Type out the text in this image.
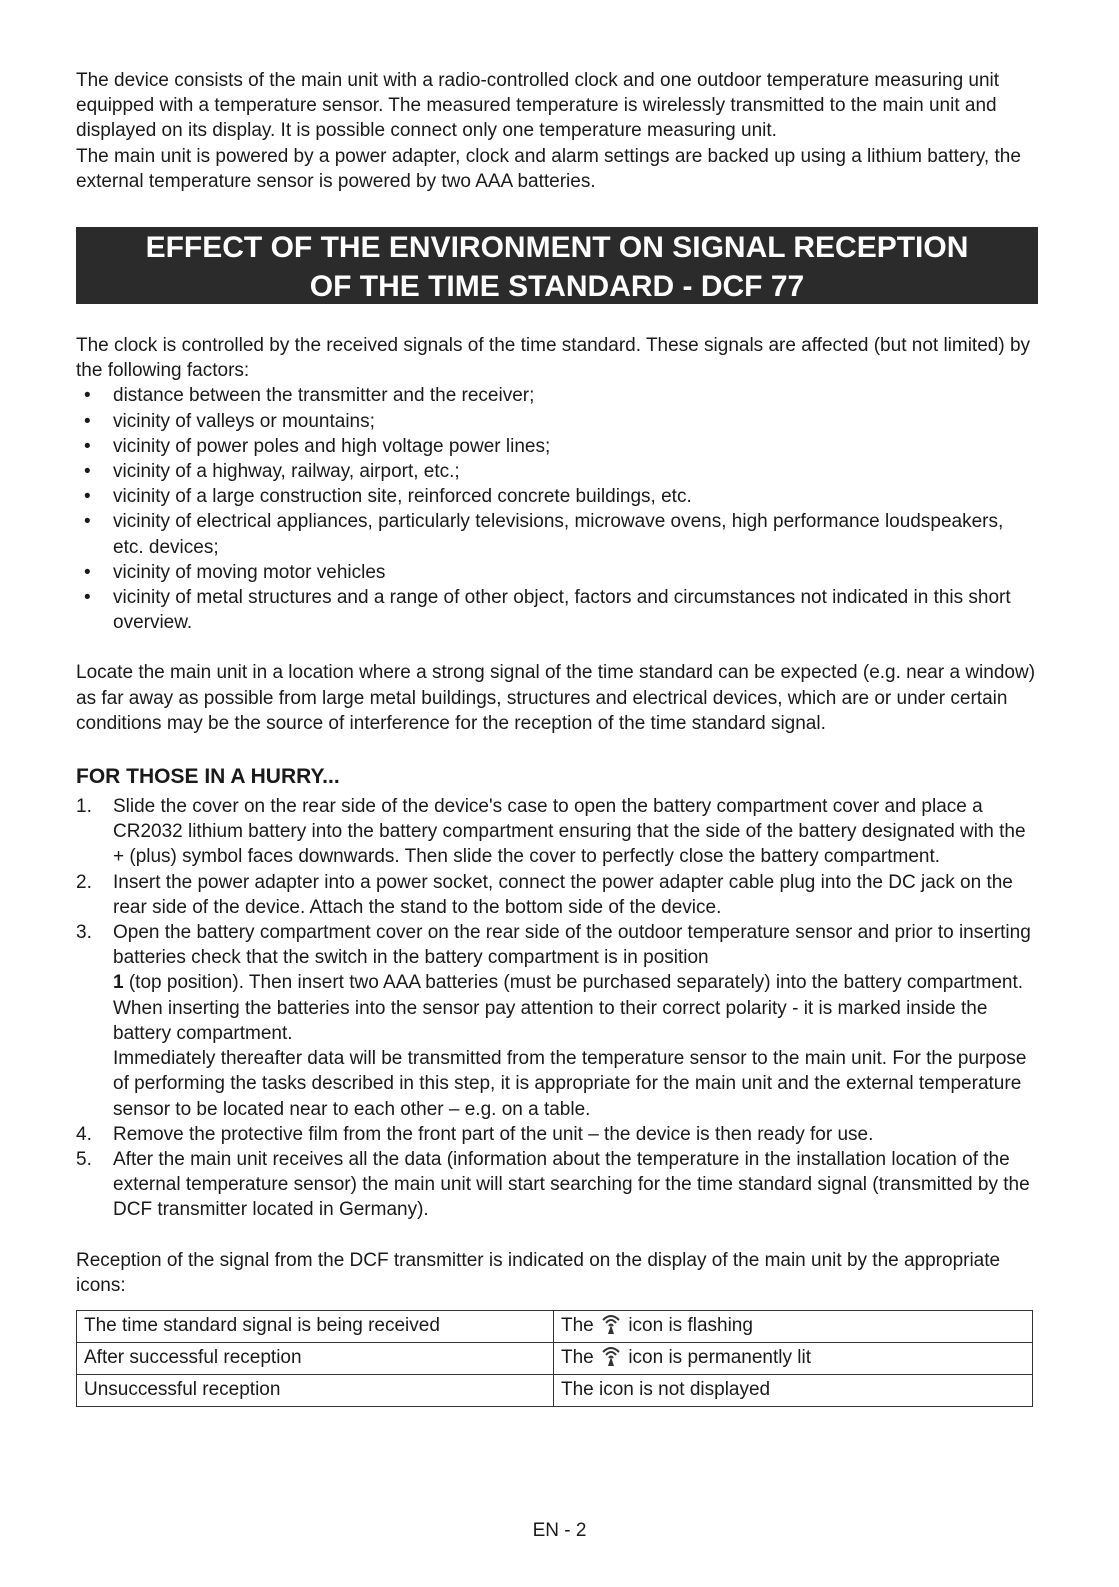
The device consists of the main unit with a radio-controlled clock and one outdoor temperature measuring unit equipped with a temperature sensor. The measured temperature is wirelessly transmitted to the main unit and displayed on its display. It is possible connect only one temperature measuring unit.

The main unit is powered by a power adapter, clock and alarm settings are backed up using a lithium battery, the external temperature sensor is powered by two AAA batteries.

EFFECT OF THE ENVIRONMENT ON SIGNAL RECEPTION
OF THE TIME STANDARD - DCF 77

The clock is controlled by the received signals of the time standard. These signals are affected (but not limited) by the following factors:

• distance between the transmitter and the receiver;
• vicinity of valleys or mountains;
• vicinity of power poles and high voltage power lines;
• vicinity of a highway, railway, airport, etc.;
• vicinity of a large construction site, reinforced concrete buildings, etc.
• vicinity of electrical appliances, particularly televisions, microwave ovens, high performance loudspeakers, etc. devices;
• vicinity of moving motor vehicles
• vicinity of metal structures and a range of other object, factors and circumstances not indicated in this short overview.

Locate the main unit in a location where a strong signal of the time standard can be expected (e.g. near a window) as far away as possible from large metal buildings, structures and electrical devices, which are or under certain conditions may be the source of interference for the reception of the time standard signal.

FOR THOSE IN A HURRY...
1. Slide the cover on the rear side of the device's case to open the battery compartment cover and place a CR2032 lithium battery into the battery compartment ensuring that the side of the battery designated with the + (plus) symbol faces downwards. Then slide the cover to perfectly close the battery compartment.
2. Insert the power adapter into a power socket, connect the power adapter cable plug into the DC jack on the rear side of the device. Attach the stand to the bottom side of the device.
3. Open the battery compartment cover on the rear side of the outdoor temperature sensor and prior to inserting batteries check that the switch in the battery compartment is in position
1 (top position). Then insert two AAA batteries (must be purchased separately) into the battery compartment. When inserting the batteries into the sensor pay attention to their correct polarity - it is marked inside the battery compartment.
Immediately thereafter data will be transmitted from the temperature sensor to the main unit. For the purpose of performing the tasks described in this step, it is appropriate for the main unit and the external temperature sensor to be located near to each other – e.g. on a table.
4. Remove the protective film from the front part of the unit – the device is then ready for use.
5. After the main unit receives all the data (information about the temperature in the installation location of the external temperature sensor) the main unit will start searching for the time standard signal (transmitted by the DCF transmitter located in Germany).

Reception of the signal from the DCF transmitter is indicated on the display of the main unit by the appropriate icons:

The time standard signal is being received	The icon is flashing
After successful reception	The icon is permanently lit
Unsuccessful reception	The icon is not displayed
EN - 2
